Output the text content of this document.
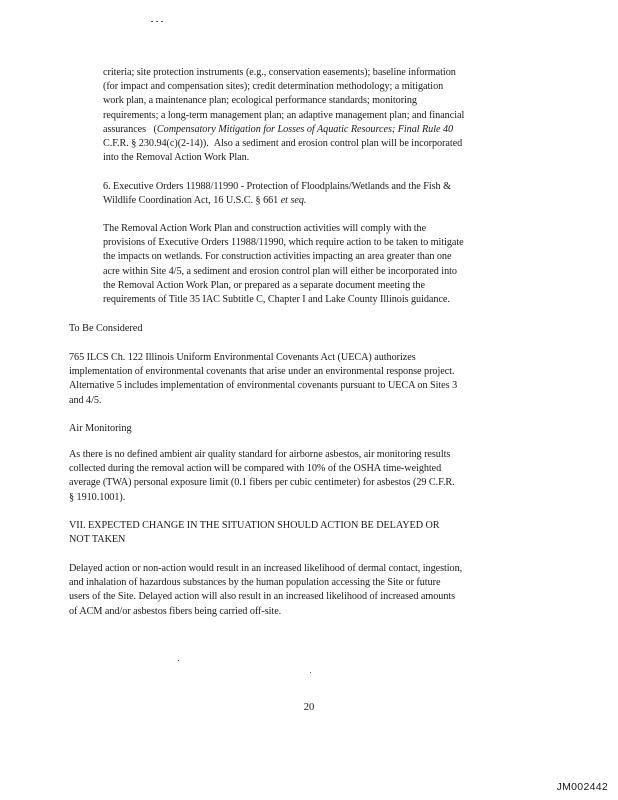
criteria; site protection instruments (e.g., conservation easements); baseline information
(for impact and compensation sites); credit determination methodology; a mitigation
work plan, a maintenance plan; ecological performance standards; monitoring
requirements; a long-term management plan; an adaptive management plan; and financial
assurances   (Compensatory Mitigation for Losses of Aquatic Resources; Final Rule 40
C.F.R. § 230.94(c)(2-14)). Also a sediment and erosion control plan will be incorporated
into the Removal Action Work Plan.
6. Executive Orders 11988/11990 - Protection of Floodplains/Wetlands and the Fish &
Wildlife Coordination Act, 16 U.S.C. § 661 et seq.
The Removal Action Work Plan and construction activities will comply with the
provisions of Executive Orders 11988/11990, which require action to be taken to mitigate
the impacts on wetlands. For construction activities impacting an area greater than one
acre within Site 4/5, a sediment and erosion control plan will either be incorporated into
the Removal Action Work Plan, or prepared as a separate document meeting the
requirements of Title 35 IAC Subtitle C, Chapter I and Lake County Illinois guidance.
To Be Considered
765 ILCS Ch. 122 Illinois Uniform Environmental Covenants Act (UECA) authorizes
implementation of environmental covenants that arise under an environmental response project.
Alternative 5 includes implementation of environmental covenants pursuant to UECA on Sites 3
and 4/5.
Air Monitoring
As there is no defined ambient air quality standard for airborne asbestos, air monitoring results
collected during the removal action will be compared with 10% of the OSHA time-weighted
average (TWA) personal exposure limit (0.1 fibers per cubic centimeter) for asbestos (29 C.F.R.
§ 1910.1001).
VII. EXPECTED CHANGE IN THE SITUATION SHOULD ACTION BE DELAYED OR
NOT TAKEN
Delayed action or non-action would result in an increased likelihood of dermal contact, ingestion,
and inhalation of hazardous substances by the human population accessing the Site or future
users of the Site. Delayed action will also result in an increased likelihood of increased amounts
of ACM and/or asbestos fibers being carried off-site.
20
JM002442
